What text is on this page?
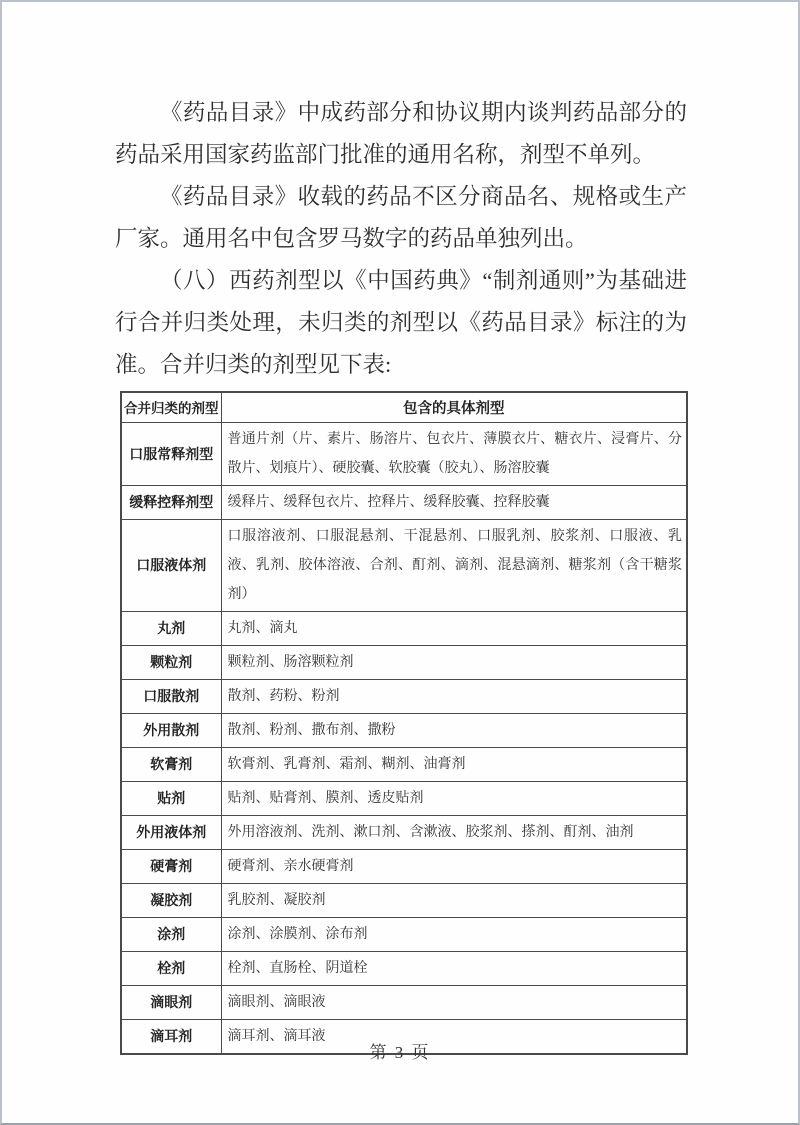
《药品目录》中成药部分和协议期内谈判药品部分的药品采用国家药监部门批准的通用名称，剂型不单列。

《药品目录》收载的药品不区分商品名、规格或生产厂家。通用名中包含罗马数字的药品单独列出。

（八）西药剂型以《中国药典》“制剂通则”为基础进行合并归类处理，未归类的剂型以《药品目录》标注的为准。合并归类的剂型见下表:

合并归类的剂型	包含的具体剂型
口服常释剂型	普通片剂（片、素片、肠溶片、包衣片、薄膜衣片、糖衣片、浸膏片、分散片、划痕片）、硬胶囊、软胶囊（胶丸）、肠溶胶囊
缓释控释剂型	缓释片、缓释包衣片、控释片、缓释胶囊、控释胶囊
口服液体剂	口服溶液剂、口服混悬剂、干混悬剂、口服乳剂、胶浆剂、口服液、乳液、乳剂、胶体溶液、合剂、酊剂、滴剂、混悬滴剂、糖浆剂（含干糖浆剂）
丸剂	丸剂、滴丸
颗粒剂	颗粒剂、肠溶颗粒剂
口服散剂	散剂、药粉、粉剂
外用散剂	散剂、粉剂、撒布剂、撒粉
软膏剂	软膏剂、乳膏剂、霜剂、糊剂、油膏剂
贴剂	贴剂、贴膏剂、膜剂、透皮贴剂
外用液体剂	外用溶液剂、洗剂、漱口剂、含漱液、胶浆剂、搽剂、酊剂、油剂
硬膏剂	硬膏剂、亲水硬膏剂
凝胶剂	乳胶剂、凝胶剂
涂剂	涂剂、涂膜剂、涂布剂
栓剂	栓剂、直肠栓、阴道栓
滴眼剂	滴眼剂、滴眼液
滴耳剂	滴耳剂、滴耳液
第 3 页
